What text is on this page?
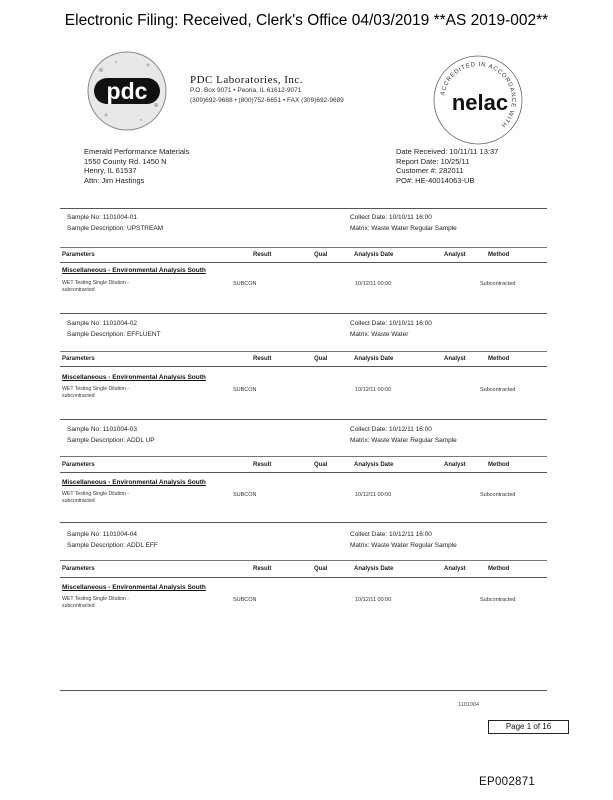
Electronic Filing: Received, Clerk's Office 04/03/2019 **AS 2019-002**
pdc	PDC Laboratories, Inc.
P.O. Box 9071 • Peoria, IL 61612-9071
(309)692-9688 • (800)752-6651 • FAX (309)692-9689
ACCREDITED IN ACCORDANCE WITH
nelac
Emerald Performance Materials
1550 County Rd. 1450 N
Henry, IL 61537
Attn: Jim Hastings
Date Received: 10/11/11 13:37
Report Date: 10/25/11
Customer #: 282011
PO#: HE-40014063-UB
Sample No: 1101004-01
Sample Description: UPSTREAM
Collect Date: 10/10/11 16:00
Matrix: Waste Water Regular Sample
Parameters	Result	Qual	Analysis Date	Analyst	Method
Miscellaneous - Environmental Analysis South
WET Testing Single Dilution -
subcontracted
SUBCON	10/12/11 00:00	Subcontracted
Sample No: 1101004-02
Sample Description: EFFLUENT
Collect Date: 10/10/11 16:00
Matrix: Waste Water
Parameters	Result	Qual	Analysis Date	Analyst	Method
Miscellaneous - Environmental Analysis South
WET Testing Single Dilution -
subcontracted
SUBCON	10/12/11 00:00	Subcontracted
Sample No: 1101004-03
Sample Description: ADDL UP
Collect Date: 10/12/11 16:00
Matrix: Waste Water Regular Sample
Parameters	Result	Qual	Analysis Date	Analyst	Method
Miscellaneous - Environmental Analysis South
WET Testing Single Dilution -
subcontracted
SUBCON	10/12/11 00:00	Subcontracted
Sample No: 1101004-04
Sample Description: ADDL EFF
Collect Date: 10/12/11 16:00
Matrix: Waste Water Regular Sample
Parameters	Result	Qual	Analysis Date	Analyst	Method
Miscellaneous - Environmental Analysis South
WET Testing Single Dilution -
subcontracted
SUBCON	10/12/11 00:00	Subcontracted
1101004
Page 1 of 16
EP002871
